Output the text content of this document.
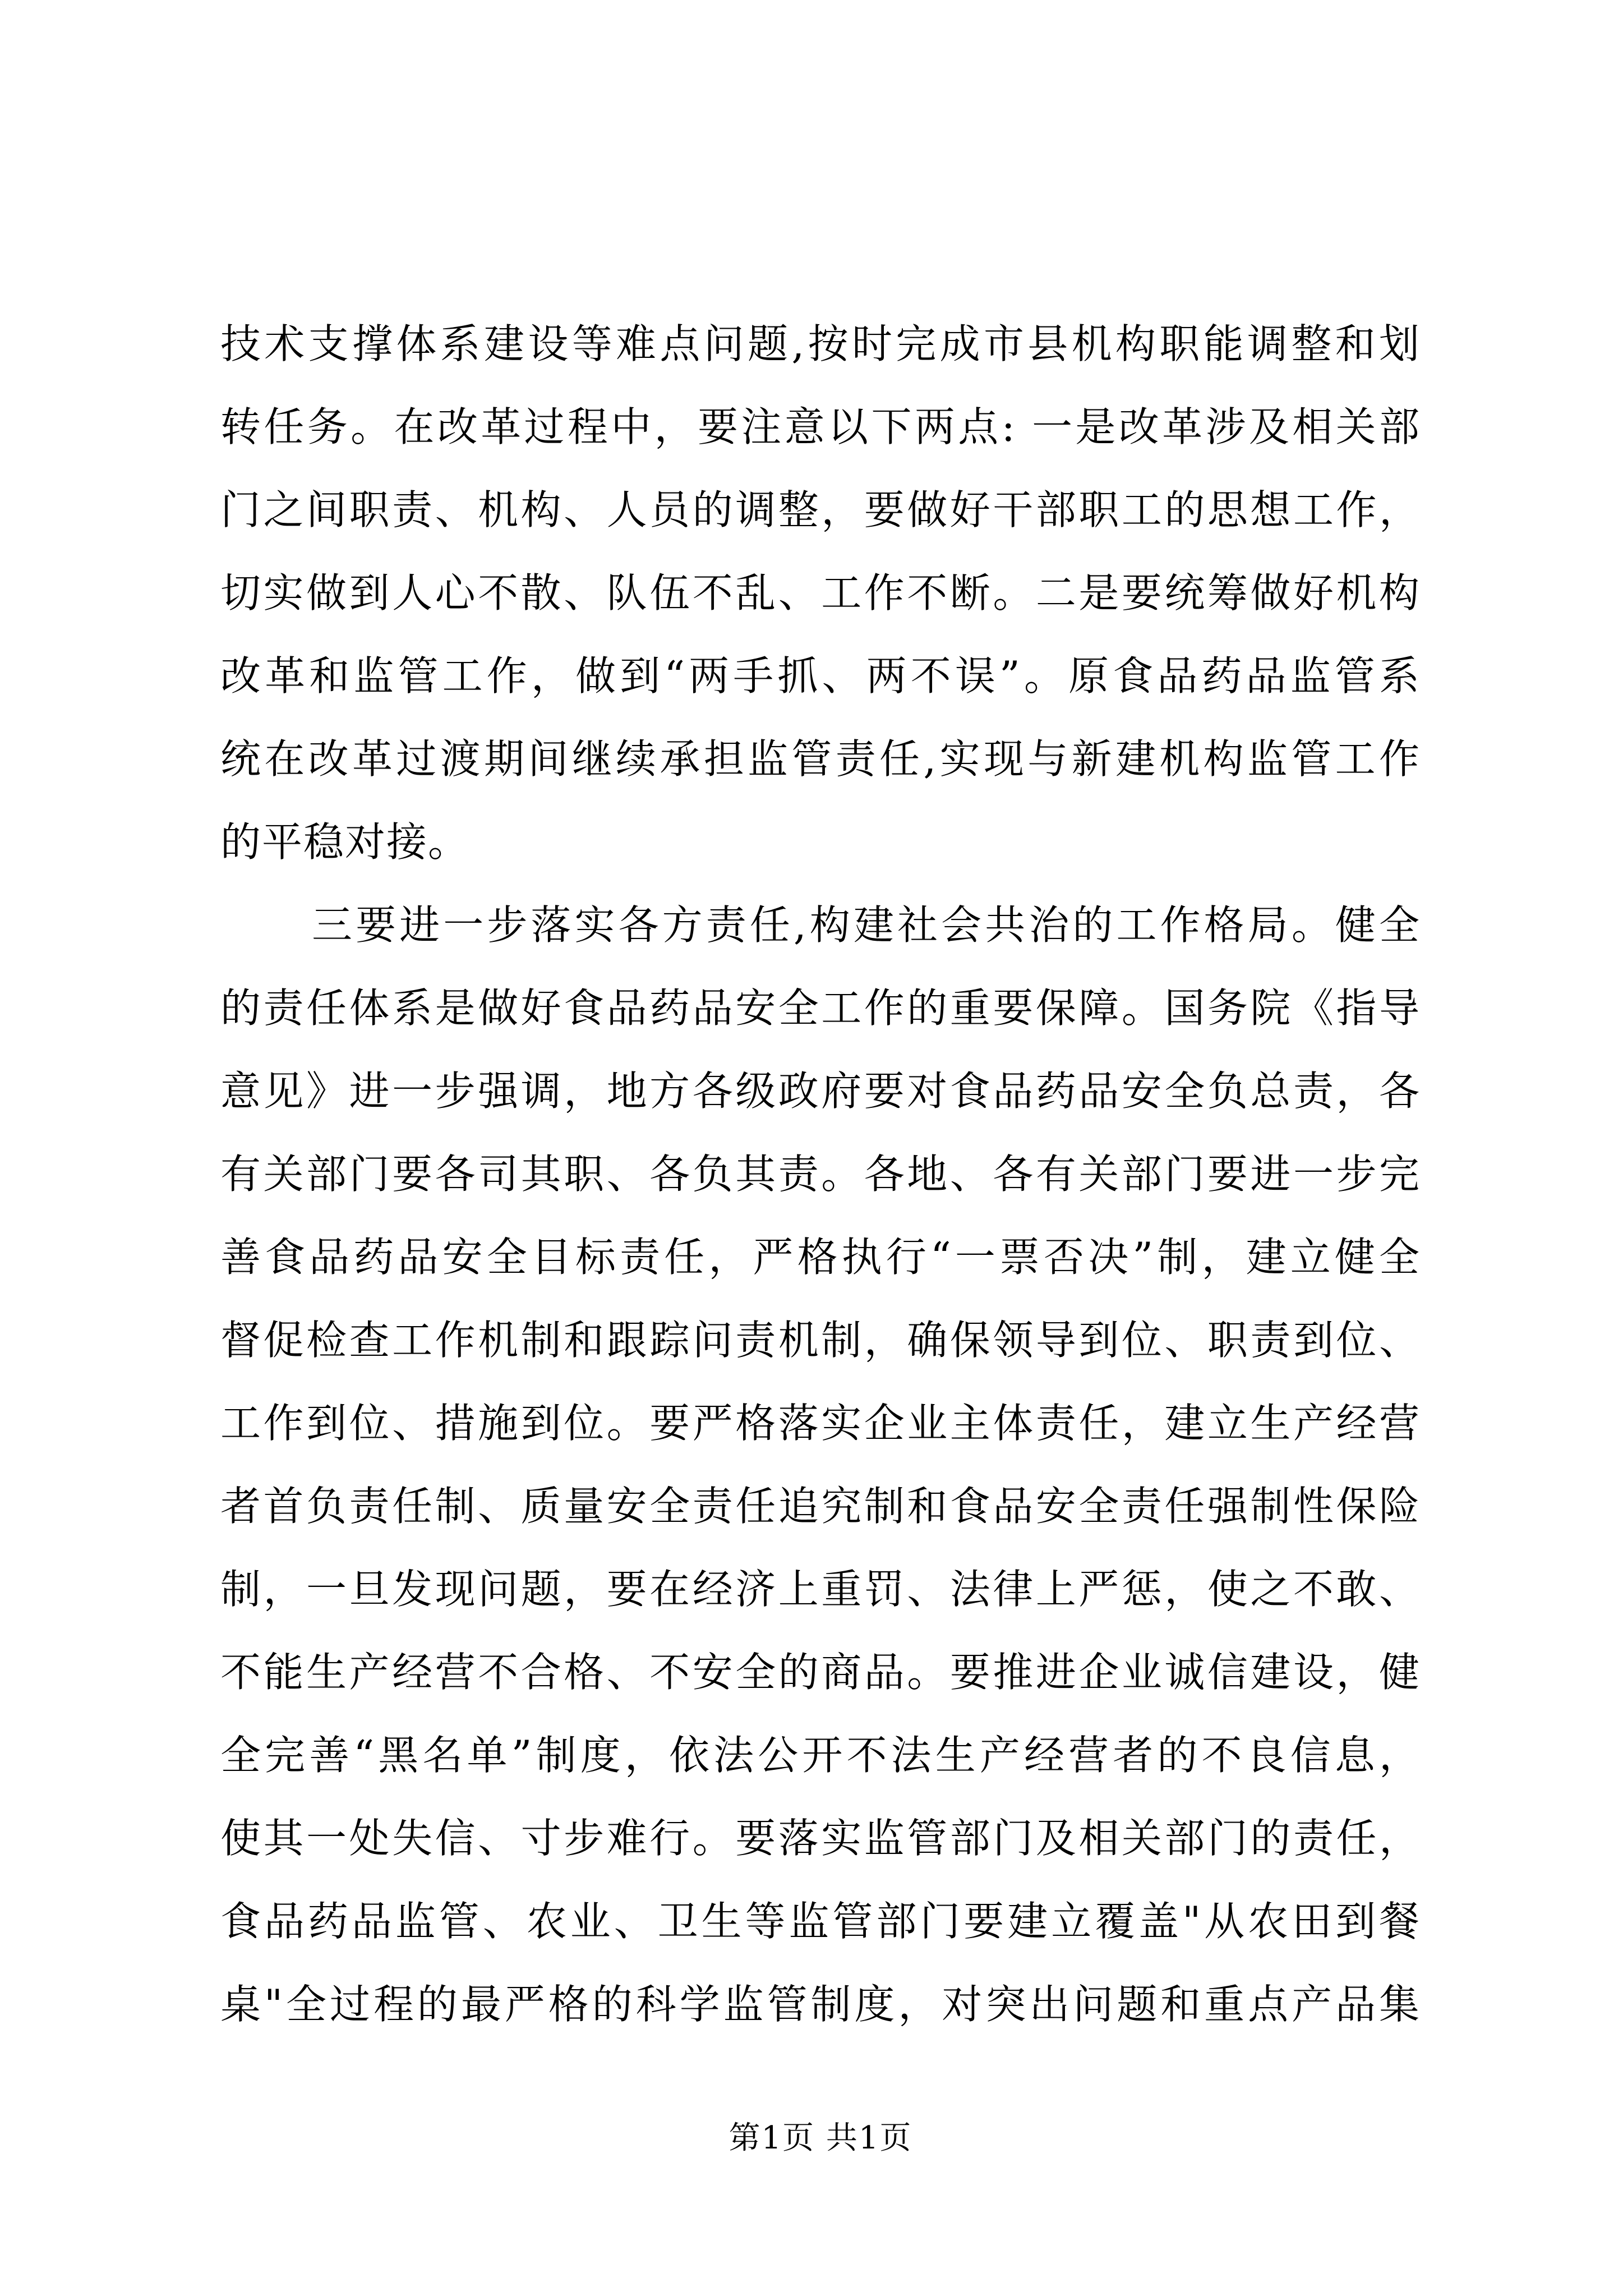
技术支撑体系建设等难点问题,按时完成市县机构职能调整和划
转任务。在改革过程中，要注意以下两点: 一是改革涉及相关部
门之间职责、机构、人员的调整，要做好干部职工的思想工作，
切实做到人心不散、队伍不乱、工作不断。二是要统筹做好机构
改革和监管工作，做到“两手抓、两不误”。原食品药品监管系
统在改革过渡期间继续承担监管责任,实现与新建机构监管工作
的平稳对接。
三要进一步落实各方责任,构建社会共治的工作格局。健全
的责任体系是做好食品药品安全工作的重要保障。国务院《指导
意见》进一步强调，地方各级政府要对食品药品安全负总责，各
有关部门要各司其职、各负其责。各地、各有关部门要进一步完
善食品药品安全目标责任，严格执行“一票否决”制，建立健全
督促检查工作机制和跟踪问责机制，确保领导到位、职责到位、
工作到位、措施到位。要严格落实企业主体责任，建立生产经营
者首负责任制、质量安全责任追究制和食品安全责任强制性保险
制，一旦发现问题，要在经济上重罚、法律上严惩，使之不敢、
不能生产经营不合格、不安全的商品。要推进企业诚信建设，健
全完善“黑名单”制度，依法公开不法生产经营者的不良信息，
使其一处失信、寸步难行。要落实监管部门及相关部门的责任，
食品药品监管、农业、卫生等监管部门要建立覆盖"从农田到餐
桌"全过程的最严格的科学监管制度，对突出问题和重点产品集
第1页 共1页
